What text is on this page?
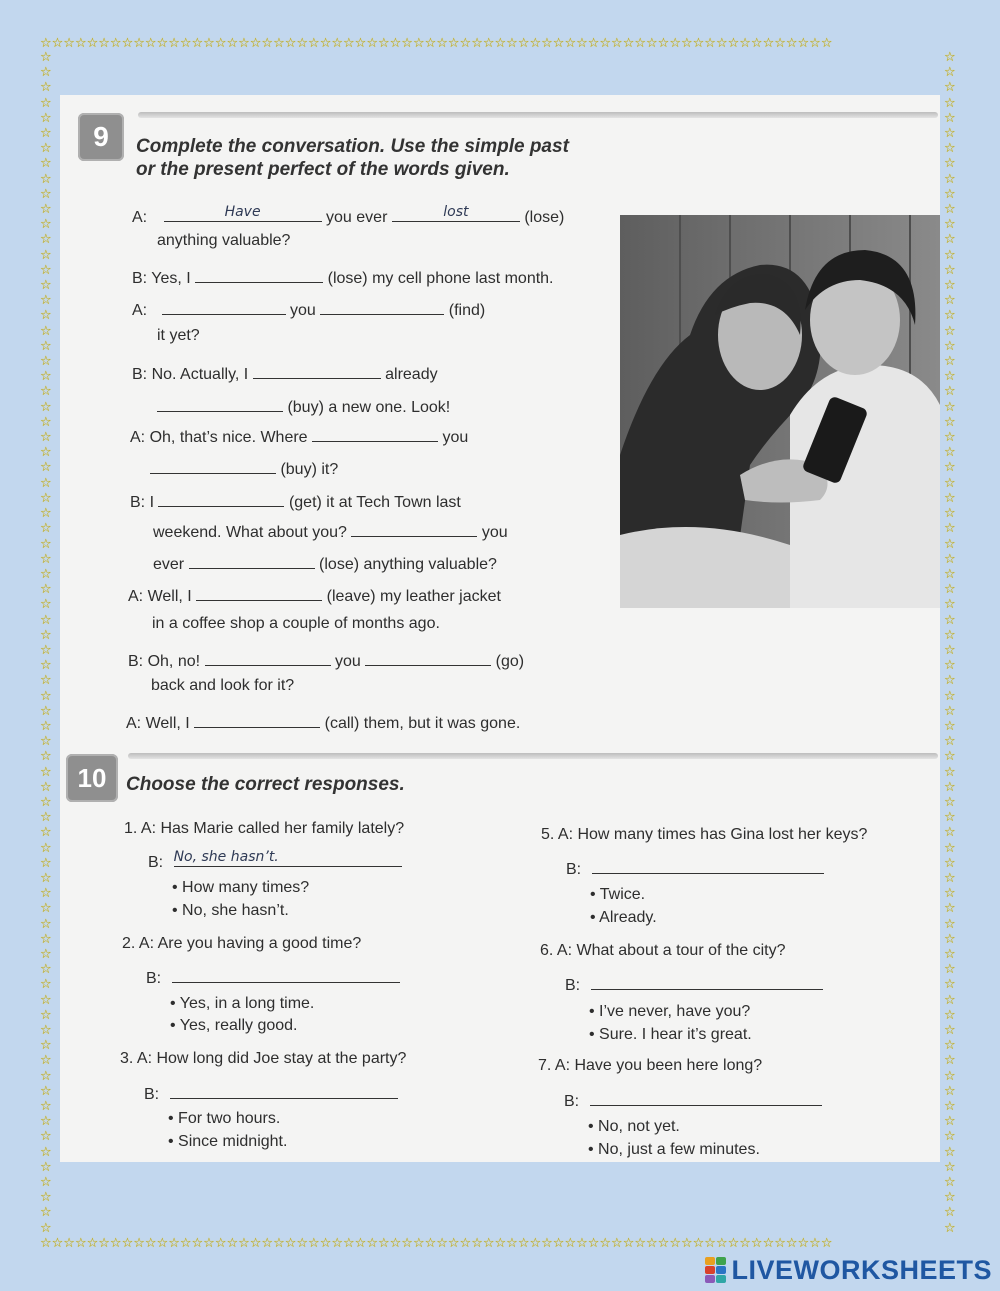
☆☆☆☆☆☆☆☆☆☆☆☆☆☆☆☆☆☆☆☆☆☆☆☆☆☆☆☆☆☆☆☆☆☆☆☆☆☆☆☆☆☆☆☆☆☆☆☆☆☆☆☆☆☆☆☆☆☆☆☆☆☆☆☆☆☆☆☆
☆☆☆☆☆☆☆☆☆☆☆☆☆☆☆☆☆☆☆☆☆☆☆☆☆☆☆☆☆☆☆☆☆☆☆☆☆☆☆☆☆☆☆☆☆☆☆☆☆☆☆☆☆☆☆☆☆☆☆☆☆☆☆☆☆☆☆☆
☆☆☆☆☆☆☆☆☆☆☆☆☆☆☆☆☆☆☆☆☆☆☆☆☆☆☆☆☆☆☆☆☆☆☆☆☆☆☆☆☆☆☆☆☆☆☆☆☆☆☆☆☆☆☆☆☆☆☆☆☆☆☆☆☆☆☆☆☆☆☆☆☆☆☆☆☆☆
☆☆☆☆☆☆☆☆☆☆☆☆☆☆☆☆☆☆☆☆☆☆☆☆☆☆☆☆☆☆☆☆☆☆☆☆☆☆☆☆☆☆☆☆☆☆☆☆☆☆☆☆☆☆☆☆☆☆☆☆☆☆☆☆☆☆☆☆☆☆☆☆☆☆☆☆☆☆
9	Complete the conversation. Use the simple past
or the present perfect of the words given.
A:	Have	you ever	lost	(lose)
anything valuable?
B: Yes, I	(lose) my cell phone last month.
A:	you	(find)
it yet?
B: No. Actually, I	already
(buy) a new one. Look!
A: Oh, that’s nice. Where	you
(buy) it?
B: I	(get) it at Tech Town last
weekend. What about you?	you
ever	(lose) anything valuable?
A: Well, I	(leave) my leather jacket
in a coffee shop a couple of months ago.
B: Oh, no!	you	(go)
back and look for it?
A: Well, I	(call) them, but it was gone.
10	Choose the correct responses.
1. A: Has Marie called her family lately?
B: No, she hasn’t.
• How many times?
• No, she hasn’t.
2. A: Are you having a good time?
B:
• Yes, in a long time.
• Yes, really good.
3. A: How long did Joe stay at the party?
B:
• For two hours.
• Since midnight.
5. A: How many times has Gina lost her keys?
B:
• Twice.
• Already.
6. A: What about a tour of the city?
B:
• I’ve never, have you?
• Sure. I hear it’s great.
7. A: Have you been here long?
B:
• No, not yet.
• No, just a few minutes.
LIVEWORKSHEETS
